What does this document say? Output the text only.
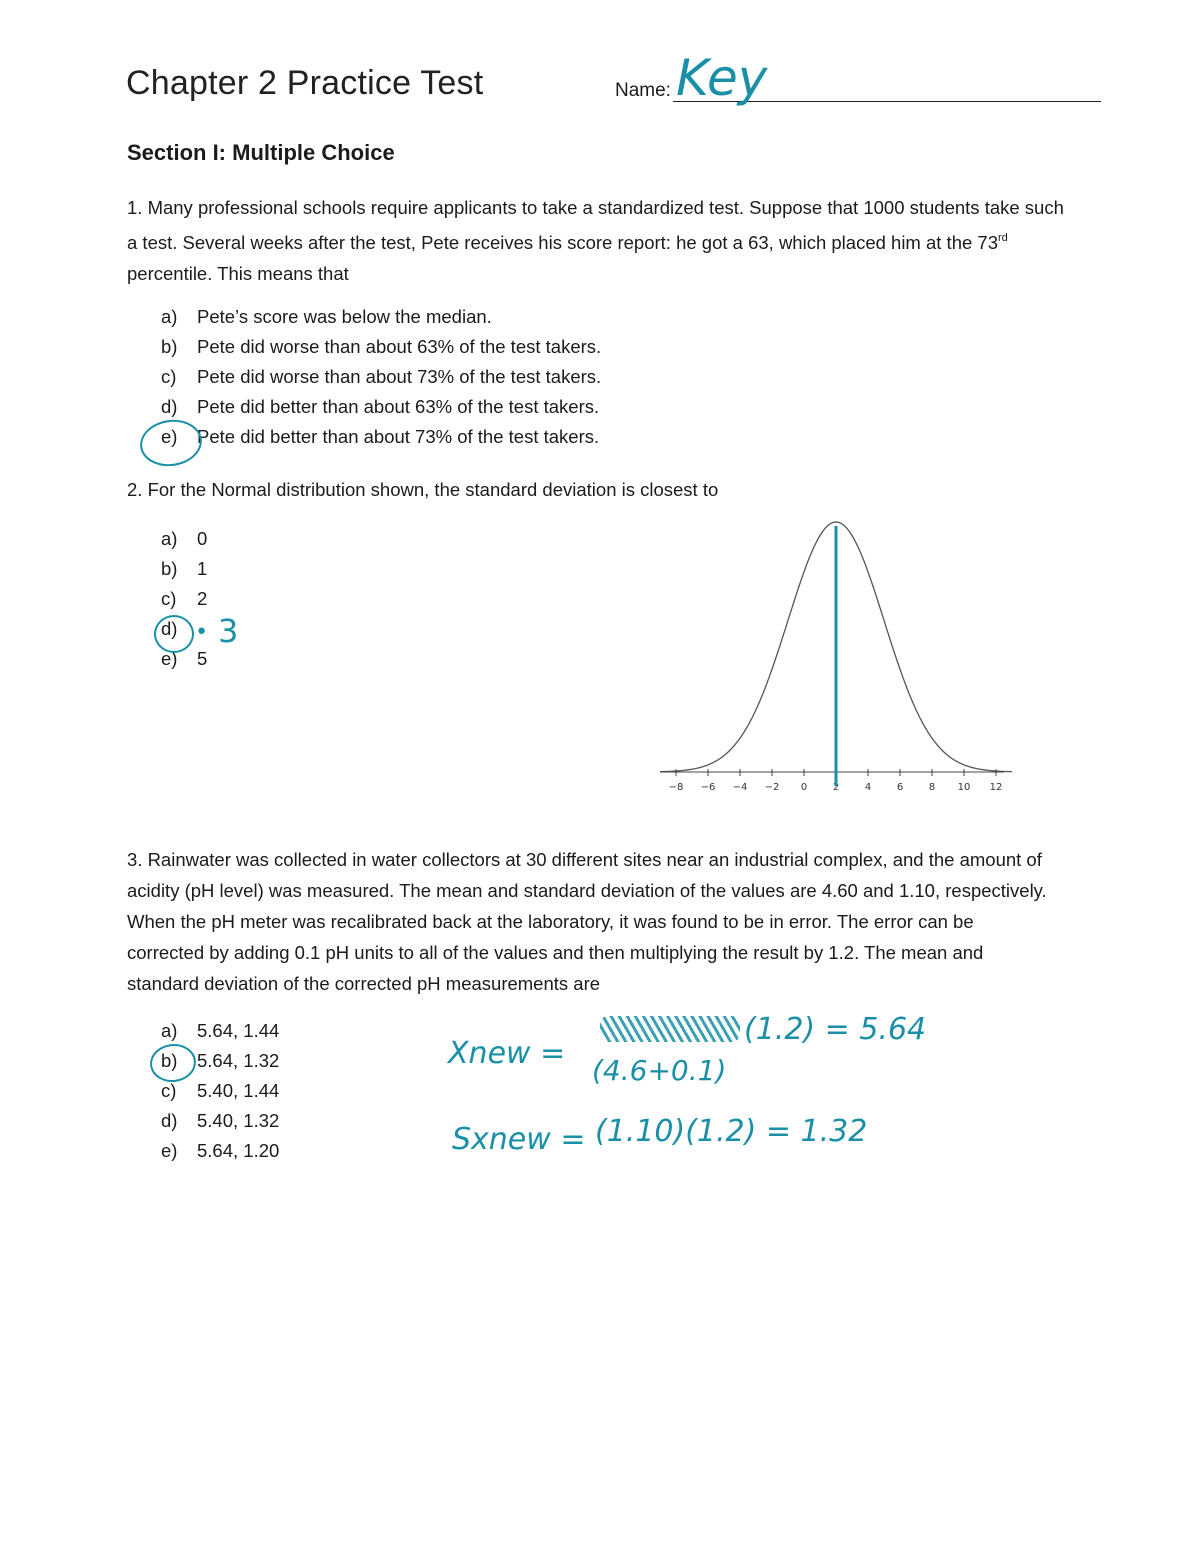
Chapter 2 Practice Test	Name: Key
Section I: Multiple Choice
1. Many professional schools require applicants to take a standardized test. Suppose that 1000 students take such
a test. Several weeks after the test, Pete receives his score report: he got a 63, which placed him at the 73rd
percentile. This means that
a) Pete’s score was below the median.
b) Pete did worse than about 63% of the test takers.
c) Pete did worse than about 73% of the test takers.
d) Pete did better than about 63% of the test takers.
e) Pete did better than about 73% of the test takers.
2. For the Normal distribution shown, the standard deviation is closest to
a) 0
b) 1
c) 2
d) ●
e) 5
3
−8 −6 −4 −2 0	2	4	6	8 10 12
3. Rainwater was collected in water collectors at 30 different sites near an industrial complex, and the amount of
acidity (pH level) was measured. The mean and standard deviation of the values are 4.60 and 1.10, respectively.
When the pH meter was recalibrated back at the laboratory, it was found to be in error. The error can be
corrected by adding 0.1 pH units to all of the values and then multiplying the result by 1.2. The mean and
standard deviation of the corrected pH measurements are
a) 5.64, 1.44
b) 5.64, 1.32
c) 5.40, 1.44
d) 5.40, 1.32
e) 5.64, 1.20
Xnew =
(1.2) = 5.64
(4.6+0.1)
Sxnew = (1.10)(1.2) = 1.32
